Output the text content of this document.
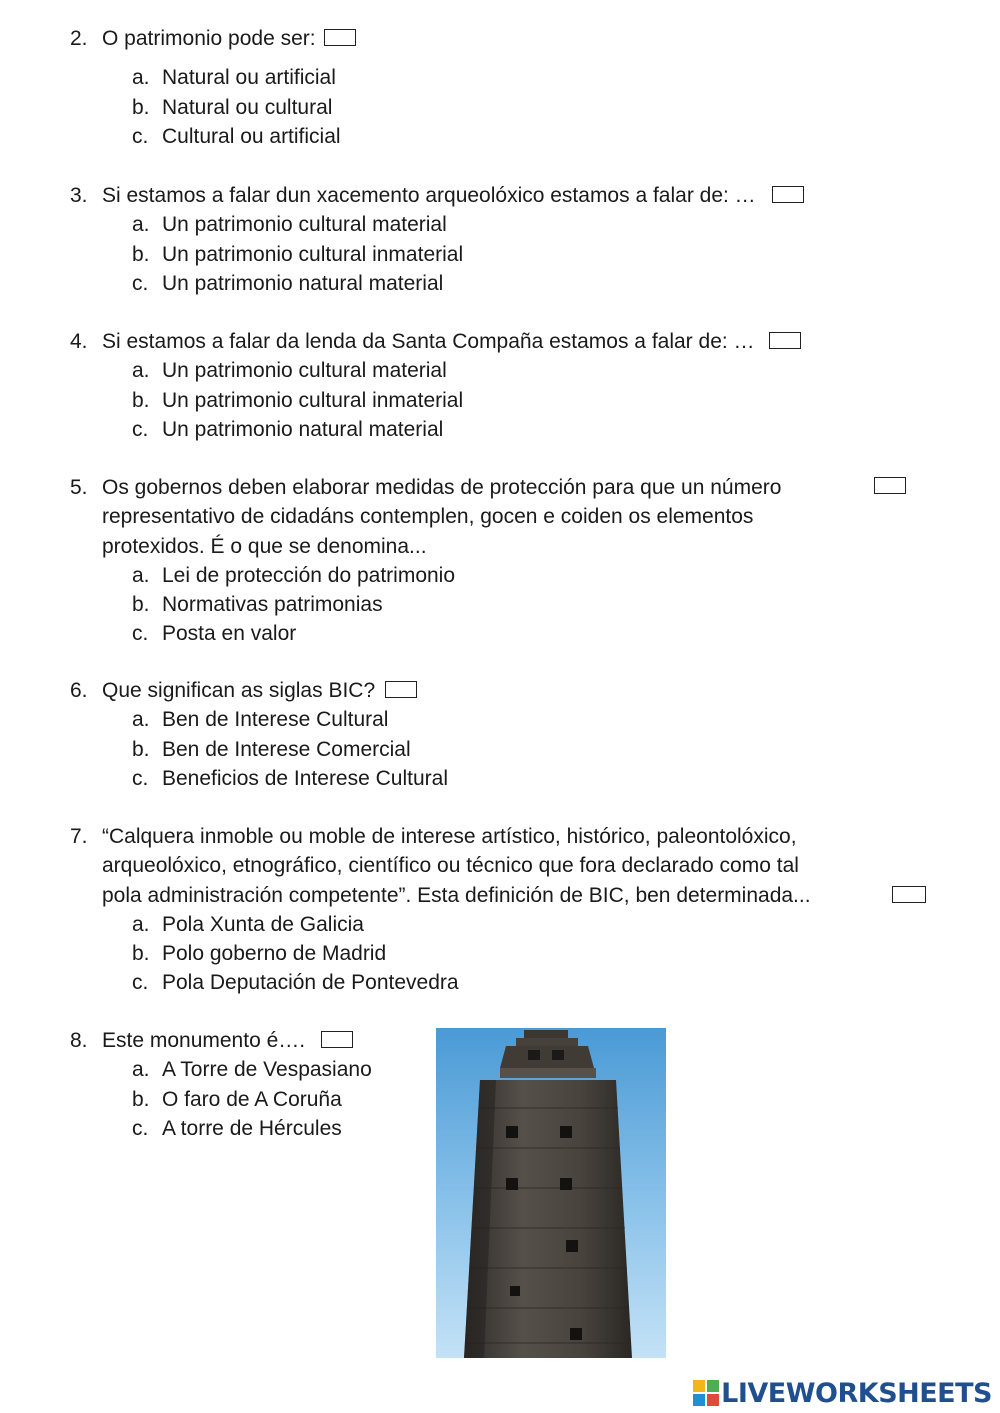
2. O patrimonio pode ser:
a. Natural ou artificial
b. Natural ou cultural
c. Cultural ou artificial
3. Si estamos a falar dun xacemento arqueolóxico estamos a falar de: …
a. Un patrimonio cultural material
b. Un patrimonio cultural inmaterial
c. Un patrimonio natural material
4. Si estamos a falar da lenda da Santa Compaña estamos a falar de: …
a. Un patrimonio cultural material
b. Un patrimonio cultural inmaterial
c. Un patrimonio natural material
5. Os gobernos deben elaborar medidas de protección para que un número
representativo de cidadáns contemplen, gocen e coiden os elementos
protexidos. É o que se denomina...
a. Lei de protección do patrimonio
b. Normativas patrimonias
c. Posta en valor
6. Que significan as siglas BIC?
a. Ben de Interese Cultural
b. Ben de Interese Comercial
c. Beneficios de Interese Cultural
7. “Calquera inmoble ou moble de interese artístico, histórico, paleontolóxico,
arqueolóxico, etnográfico, científico ou técnico que fora declarado como tal
pola administración competente”. Esta definición de BIC, ben determinada...
a. Pola Xunta de Galicia
b. Polo goberno de Madrid
c. Pola Deputación de Pontevedra
8. Este monumento é….
a. A Torre de Vespasiano
b. O faro de A Coruña
c. A torre de Hércules
LIVEWORKSHEETS
